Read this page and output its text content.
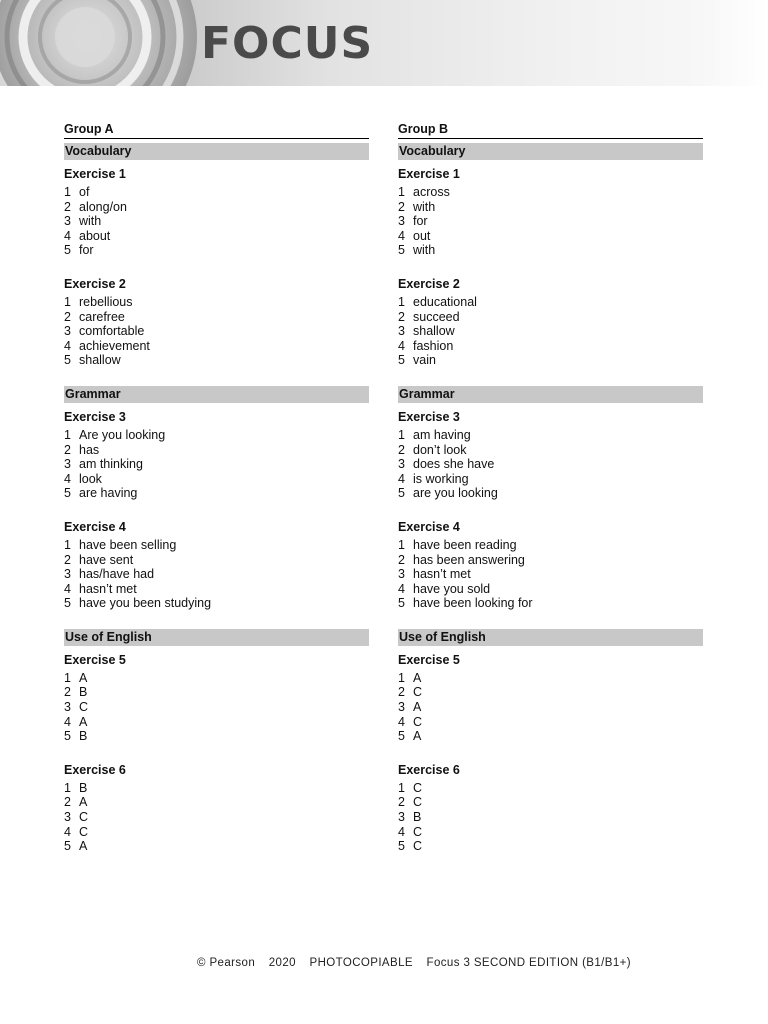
FOCUS
Group A
Vocabulary
Exercise 1
1 of
2 along/on
3 with
4 about
5 for
Exercise 2
1 rebellious
2 carefree
3 comfortable
4 achievement
5 shallow
Grammar
Exercise 3
1 Are you looking
2 has
3 am thinking
4 look
5 are having
Exercise 4
1 have been selling
2 have sent
3 has/have had
4 hasn’t met
5 have you been studying
Use of English
Exercise 5
1 A
2 B
3 C
4 A
5 B
Exercise 6
1 B
2 A
3 C
4 C
5 A
Group B
Vocabulary
Exercise 1
1 across
2 with
3 for
4 out
5 with
Exercise 2
1 educational
2 succeed
3 shallow
4 fashion
5 vain
Grammar
Exercise 3
1 am having
2 don’t look
3 does she have
4 is working
5 are you looking
Exercise 4
1 have been reading
2 has been answering
3 hasn’t met
4 have you sold
5 have been looking for
Use of English
Exercise 5
1 A
2 C
3 A
4 C
5 A
Exercise 6
1 C
2 C
3 B
4 C
5 C
© Pearson 2020 PHOTOCOPIABLE Focus 3 SECOND EDITION (B1/B1+)
